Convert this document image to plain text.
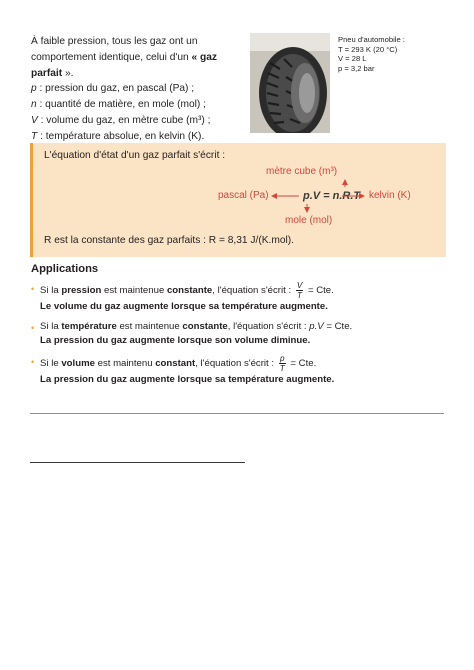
À faible pression, tous les gaz ont un

comportement identique, celui d'un « gaz

parfait ».

p : pression du gaz, en pascal (Pa) ;

n : quantité de matière, en mole (mol) ;

V : volume du gaz, en mètre cube (m³) ;

T : température absolue, en kelvin (K).

Pneu d'automobile :

T = 293 K (20 °C)

V = 28 L

p = 3,2 bar

L'équation d'état d'un gaz parfait s'écrit :
mètre cube (m³)
pascal (Pa)	kelvin (K)
mole (mol)
p.V = n.R.T
R est la constante des gaz parfaits : R = 8,31 J/(K.mol).
Applications
• Si la pression est maintenue constante, l'équation s'écrit : $\frac{V}{T}$ = Cte.
Le volume du gaz augmente lorsque sa température augmente.
• Si la température est maintenue constante, l'équation s'écrit : p.V = Cte.
La pression du gaz augmente lorsque son volume diminue.
• Si le volume est maintenu constant, l'équation s'écrit : $\frac{p}{T}$ = Cte.
La pression du gaz augmente lorsque sa température augmente.
